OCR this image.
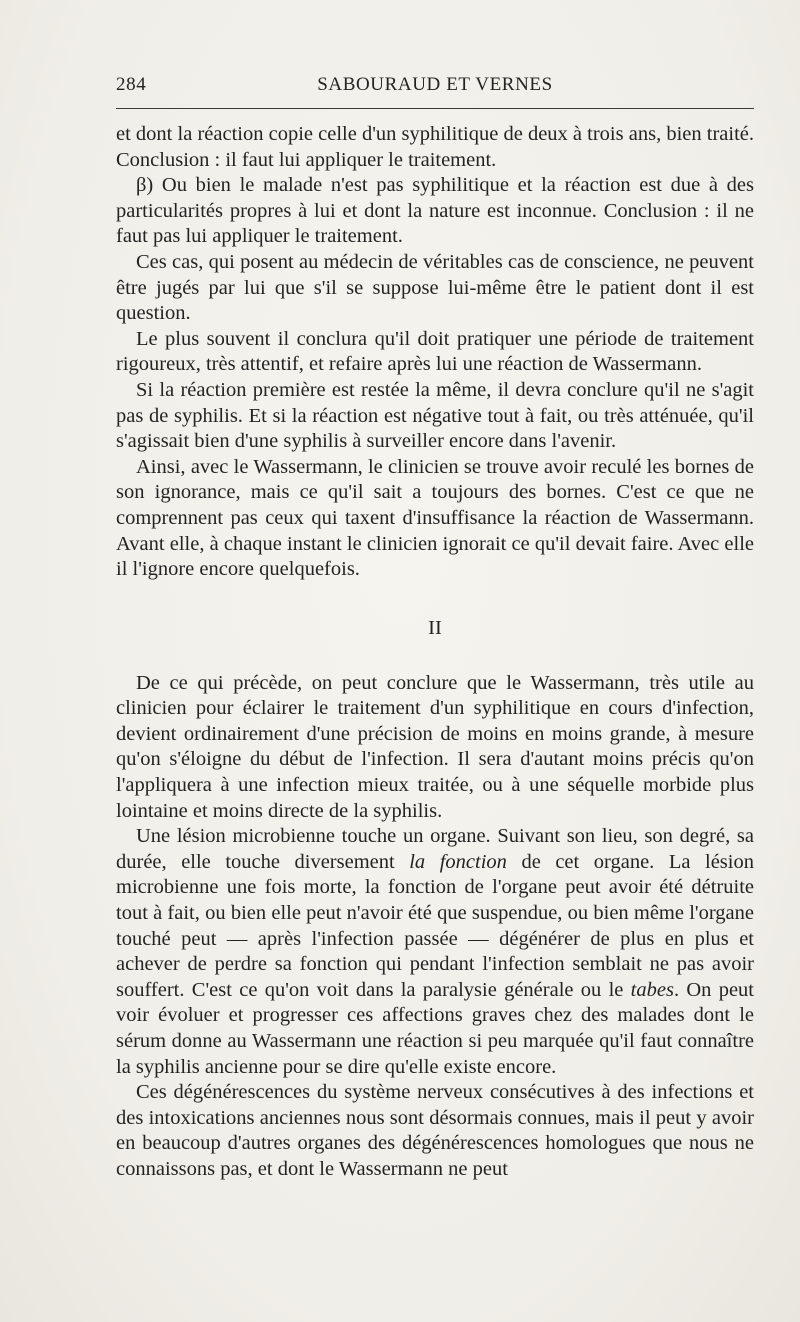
284	SABOURAUD ET VERNES

et dont la réaction copie celle d'un syphilitique de deux à trois ans, bien traité. Conclusion : il faut lui appliquer le traitement.

β) Ou bien le malade n'est pas syphilitique et la réaction est due à des particularités propres à lui et dont la nature est inconnue. Conclusion : il ne faut pas lui appliquer le traitement.

Ces cas, qui posent au médecin de véritables cas de conscience, ne peuvent être jugés par lui que s'il se suppose lui-même être le patient dont il est question.

Le plus souvent il conclura qu'il doit pratiquer une période de traitement rigoureux, très attentif, et refaire après lui une réaction de Wassermann.

Si la réaction première est restée la même, il devra conclure qu'il ne s'agit pas de syphilis. Et si la réaction est négative tout à fait, ou très atténuée, qu'il s'agissait bien d'une syphilis à surveiller encore dans l'avenir.

Ainsi, avec le Wassermann, le clinicien se trouve avoir reculé les bornes de son ignorance, mais ce qu'il sait a toujours des bornes. C'est ce que ne comprennent pas ceux qui taxent d'insuffisance la réaction de Wassermann. Avant elle, à chaque instant le clinicien ignorait ce qu'il devait faire. Avec elle il l'ignore encore quelquefois.

II

De ce qui précède, on peut conclure que le Wassermann, très utile au clinicien pour éclairer le traitement d'un syphilitique en cours d'infection, devient ordinairement d'une précision de moins en moins grande, à mesure qu'on s'éloigne du début de l'infection. Il sera d'autant moins précis qu'on l'appliquera à une infection mieux traitée, ou à une séquelle morbide plus lointaine et moins directe de la syphilis.

Une lésion microbienne touche un organe. Suivant son lieu, son degré, sa durée, elle touche diversement la fonction de cet organe. La lésion microbienne une fois morte, la fonction de l'organe peut avoir été détruite tout à fait, ou bien elle peut n'avoir été que suspendue, ou bien même l'organe touché peut — après l'infection passée — dégénérer de plus en plus et achever de perdre sa fonction qui pendant l'infection semblait ne pas avoir souffert. C'est ce qu'on voit dans la paralysie générale ou le tabes. On peut voir évoluer et progresser ces affections graves chez des malades dont le sérum donne au Wassermann une réaction si peu marquée qu'il faut connaître la syphilis ancienne pour se dire qu'elle existe encore.

Ces dégénérescences du système nerveux consécutives à des infections et des intoxications anciennes nous sont désormais connues, mais il peut y avoir en beaucoup d'autres organes des dégénérescences homologues que nous ne connaissons pas, et dont le Wassermann ne peut
